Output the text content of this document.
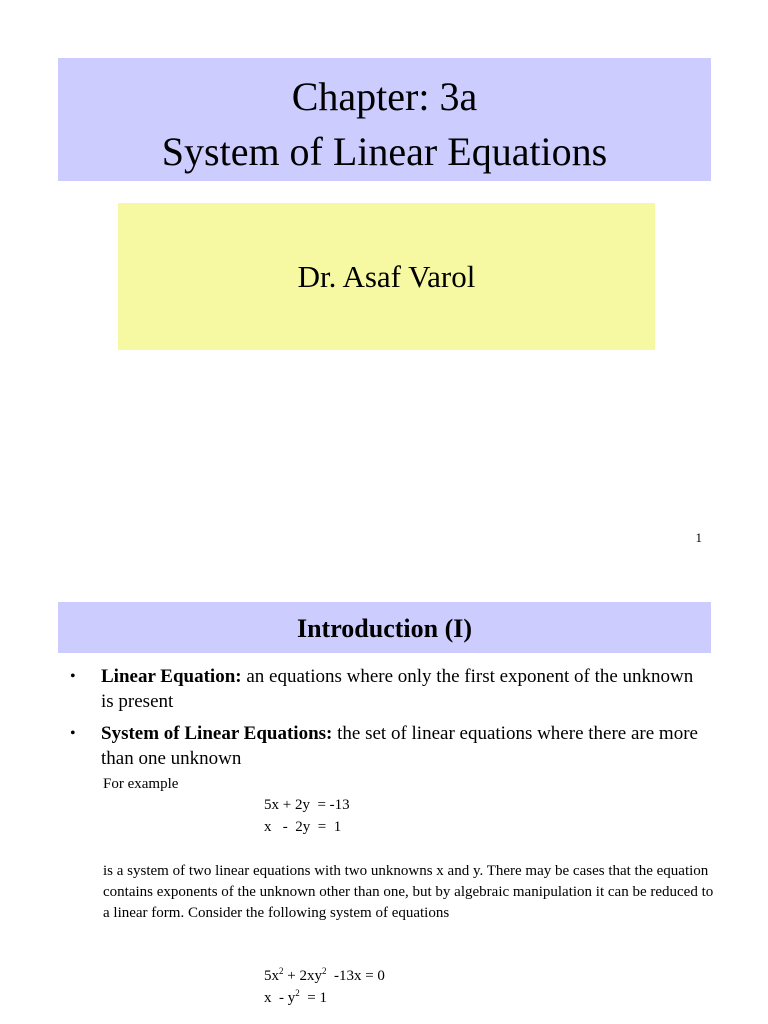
Chapter: 3a
System of Linear Equations
Dr. Asaf Varol
1
Introduction (I)
• Linear Equation: an equations where only the first exponent of the unknown is present
• System of Linear Equations: the set of linear equations where there are more than one unknown
For example
5x + 2y  = -13
x   -  2y  =  1
is a system of two linear equations with two unknowns x and y. There may be cases that the equation contains exponents of the unknown other than one, but by algebraic manipulation it can be reduced to a linear form. Consider the following system of equations
$5x^2 + 2xy^2$  -13x = 0
$x - y^2 = 1$
